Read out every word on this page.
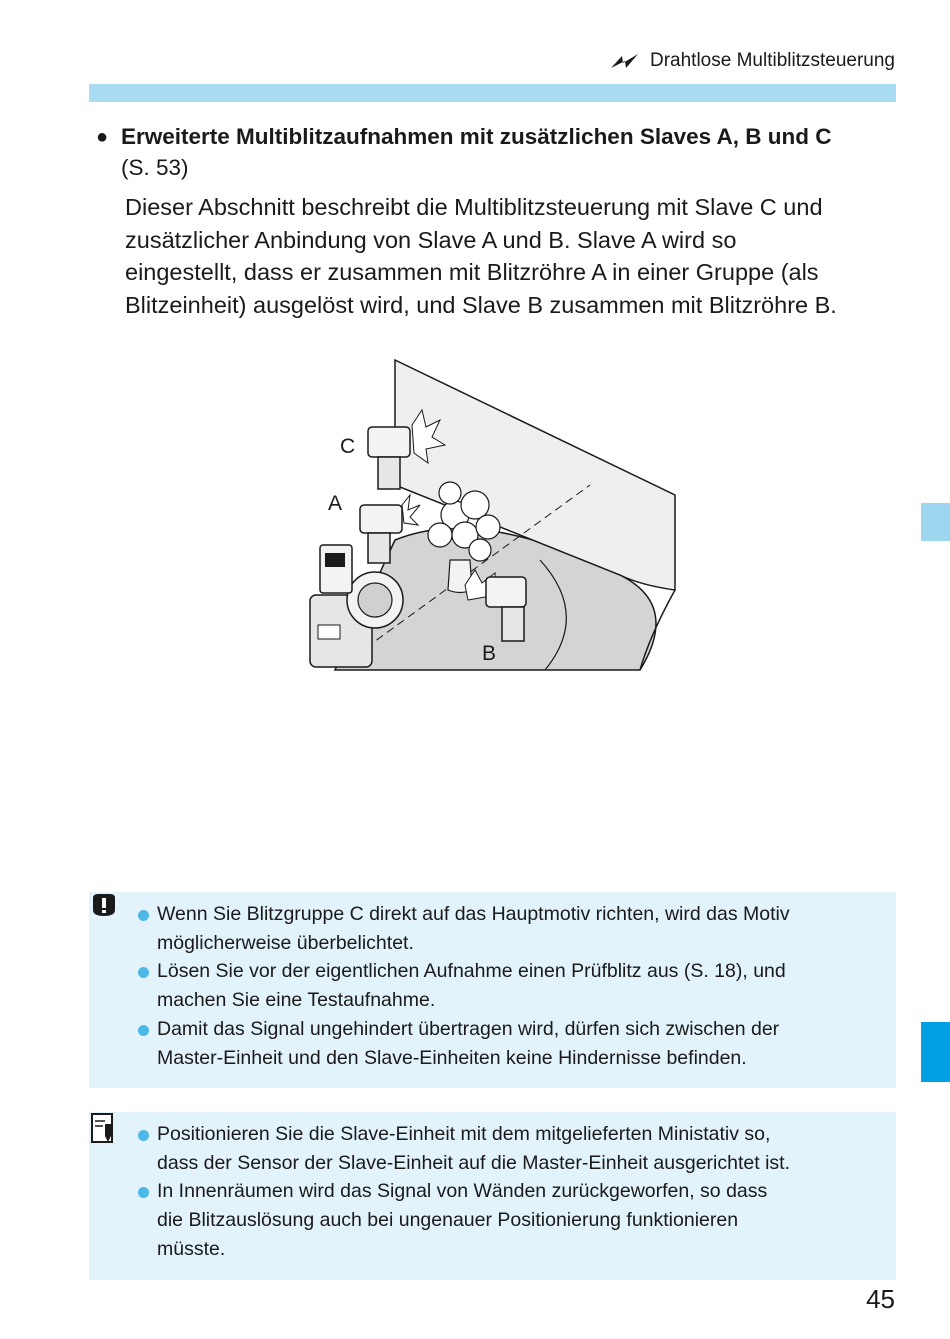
Drahtlose Multiblitzsteuerung
● Erweiterte Multiblitzaufnahmen mit zusätzlichen Slaves A, B und C
(S. 53)
Dieser Abschnitt beschreibt die Multiblitzsteuerung mit Slave C und
zusätzlicher Anbindung von Slave A und B. Slave A wird so
eingestellt, dass er zusammen mit Blitzröhre A in einer Gruppe (als
Blitzeinheit) ausgelöst wird, und Slave B zusammen mit Blitzröhre B.
C
A
B
Wenn Sie Blitzgruppe C direkt auf das Hauptmotiv richten, wird das Motiv
möglicherweise überbelichtet.
Lösen Sie vor der eigentlichen Aufnahme einen Prüfblitz aus (S. 18), und
machen Sie eine Testaufnahme.
Damit das Signal ungehindert übertragen wird, dürfen sich zwischen der
Master-Einheit und den Slave-Einheiten keine Hindernisse befinden.
Positionieren Sie die Slave-Einheit mit dem mitgelieferten Ministativ so,
dass der Sensor der Slave-Einheit auf die Master-Einheit ausgerichtet ist.
In Innenräumen wird das Signal von Wänden zurückgeworfen, so dass
die Blitzauslösung auch bei ungenauer Positionierung funktionieren
müsste.
45
